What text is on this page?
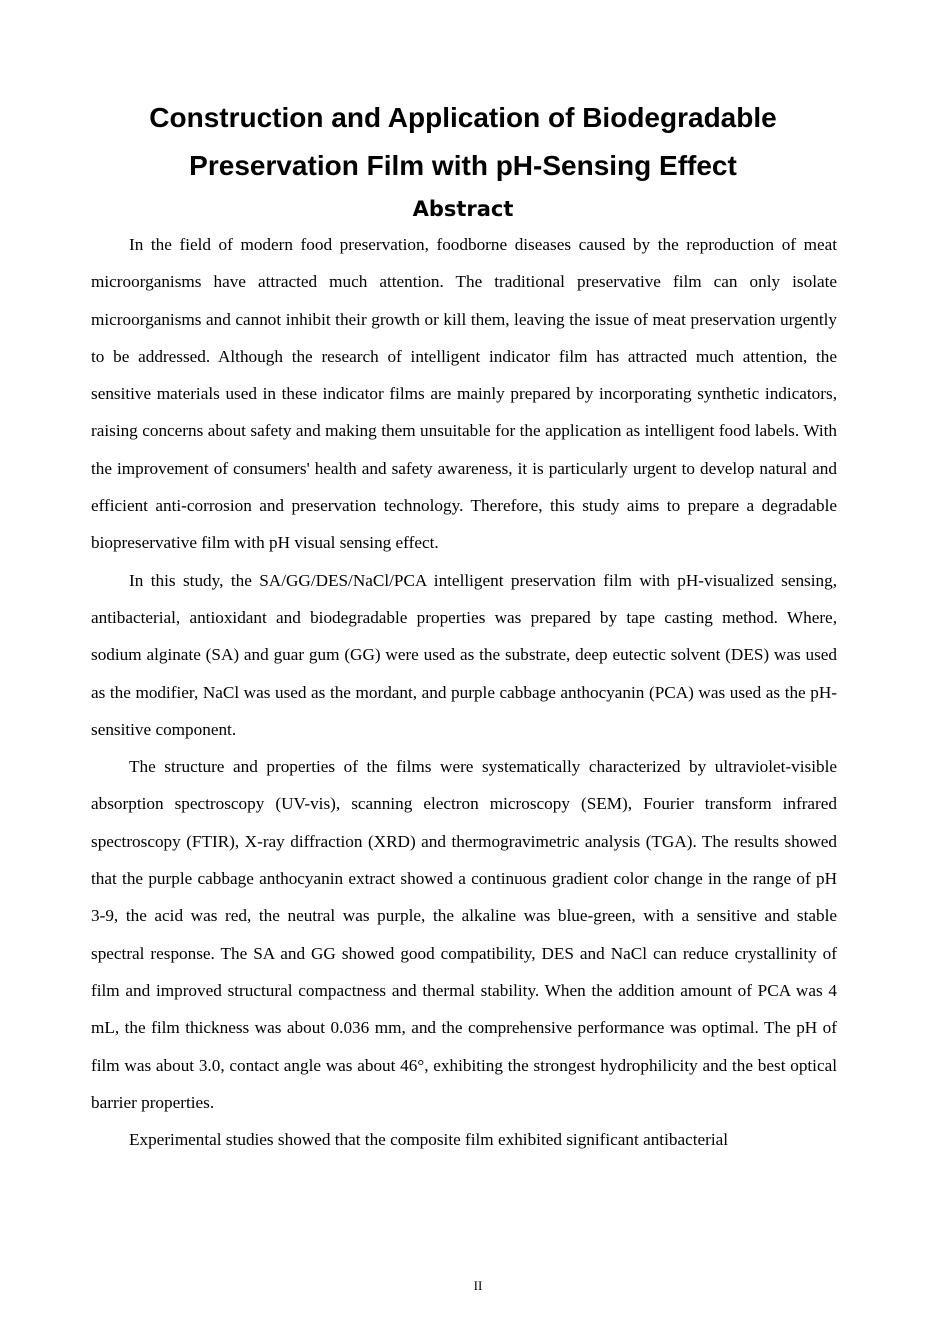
Construction and Application of Biodegradable
Preservation Film with pH-Sensing Effect
Abstract

In the field of modern food preservation, foodborne diseases caused by the reproduction of meat microorganisms have attracted much attention. The traditional preservative film can only isolate microorganisms and cannot inhibit their growth or kill them, leaving the issue of meat preservation urgently to be addressed. Although the research of intelligent indicator film has attracted much attention, the sensitive materials used in these indicator films are mainly prepared by incorporating synthetic indicators, raising concerns about safety and making them unsuitable for the application as intelligent food labels. With the improvement of consumers' health and safety awareness, it is particularly urgent to develop natural and efficient anti-corrosion and preservation technology. Therefore, this study aims to prepare a degradable biopreservative film with pH visual sensing effect.

In this study, the SA/GG/DES/NaCl/PCA intelligent preservation film with pH-visualized sensing, antibacterial, antioxidant and biodegradable properties was prepared by tape casting method. Where, sodium alginate (SA) and guar gum (GG) were used as the substrate, deep eutectic solvent (DES) was used as the modifier, NaCl was used as the mordant, and purple cabbage anthocyanin (PCA) was used as the pH-sensitive component.

The structure and properties of the films were systematically characterized by ultraviolet-visible absorption spectroscopy (UV-vis), scanning electron microscopy (SEM), Fourier transform infrared spectroscopy (FTIR), X-ray diffraction (XRD) and thermogravimetric analysis (TGA). The results showed that the purple cabbage anthocyanin extract showed a continuous gradient color change in the range of pH 3-9, the acid was red, the neutral was purple, the alkaline was blue-green, with a sensitive and stable spectral response. The SA and GG showed good compatibility, DES and NaCl can reduce crystallinity of film and improved structural compactness and thermal stability. When the addition amount of PCA was 4 mL, the film thickness was about 0.036 mm, and the comprehensive performance was optimal. The pH of film was about 3.0, contact angle was about 46°, exhibiting the strongest hydrophilicity and the best optical barrier properties.

Experimental studies showed that the composite film exhibited significant antibacterial

II
